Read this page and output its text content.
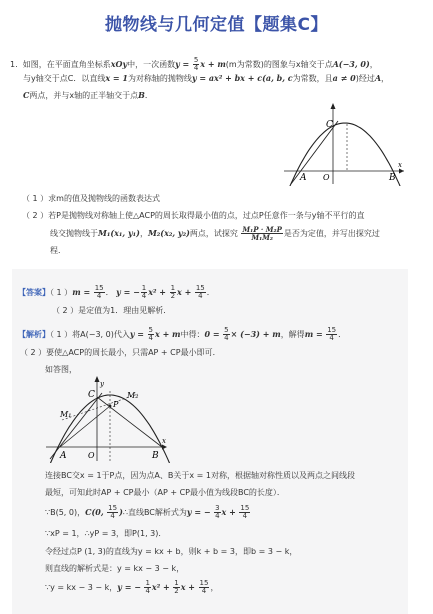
抛物线与几何定值【题集C】
1. 如图，在平面直角坐标系xOy中，一次函数$y = \frac{5}{4}$ x + m(m为常数)的图象与x轴交于点A(−3, 0)，
与y轴交于点C．以直线x = 1为对称轴的抛物线y = ax² + bx + c(a, b, c为常数，且a ≠ 0)经过A，
C两点，并与x轴的正半轴交于点B．
C
A O	B
x
（ 1 ）求m的值及抛物线的函数表达式
（ 2 ）若P是抛物线对称轴上使△ACP的周长取得最小值的点，过点P任意作一条与y轴不平行的直
线交抛物线于M₁(x₁, y₁)，M₂(x₂, y₂)两点，试探究 $\frac{\text{M₁P · M₂P}}{\text{M₁M₂}}$ 是否为定值，并写出探究过
程．
【答案】（ 1 ）$m = \frac{15}{4}$ ． y = − $\frac{1}{4} x^2 + \frac{1}{2}$ $x + \frac{15}{4}$ ．
（ 2 ）是定值为1．理由见解析．
【解析】（ 1 ）将A(−3, 0)代入$y = \frac{5}{4}$ x + m中得：$0 = \frac{5}{4} \times (-3) + m$，解得$m = \frac{15}{4}$ ．
（ 2 ）要使△ACP的周长最小，只需AP + CP最小即可．
如答图，
y
C	M₂
P
M₁
A	O	B
x
连接BC交x = 1于P点，因为点A、B关于x = 1对称，根据轴对称性质以及两点之间线段
最短，可知此时AP + CP最小（AP + CP最小值为线段BC的长度）．
∵B(5, 0)，C(0, $\frac{15}{4}$ )∴直线BC解析式为y = − $\frac{3}{4}$ $x + \frac{15}{4}$
∵xP = 1，∴yP = 3，即P(1, 3)．
令经过点P (1, 3)的直线为y = kx + b，则k + b = 3，即b = 3 − k，
则直线的解析式是：y = kx − 3 − k，
∵y = kx − 3 − k，y = − $\frac{1}{4} x^2 + \frac{1}{2}$ $x + \frac{15}{4}$ ，
